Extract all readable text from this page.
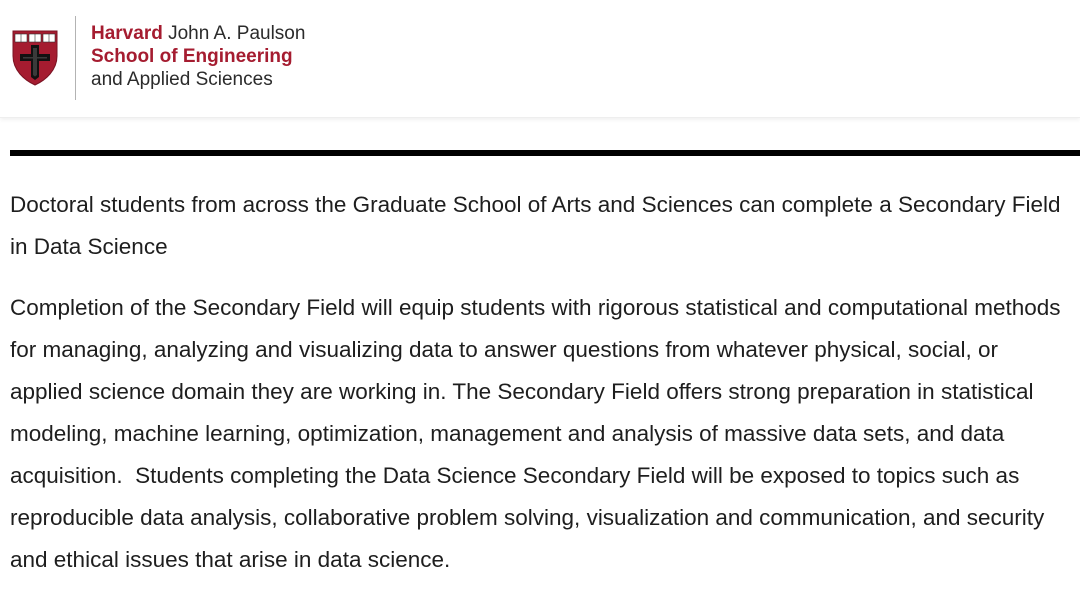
Harvard John A. Paulson
School of Engineering
and Applied Sciences

Doctoral students from across the Graduate School of Arts and Sciences can complete a Secondary Field in Data Science

Completion of the Secondary Field will equip students with rigorous statistical and computational methods for managing, analyzing and visualizing data to answer questions from whatever physical, social, or applied science domain they are working in. The Secondary Field offers strong preparation in statistical modeling, machine learning, optimization, management and analysis of massive data sets, and data acquisition.  Students completing the Data Science Secondary Field will be exposed to topics such as reproducible data analysis, collaborative problem solving, visualization and communication, and security and ethical issues that arise in data science.
